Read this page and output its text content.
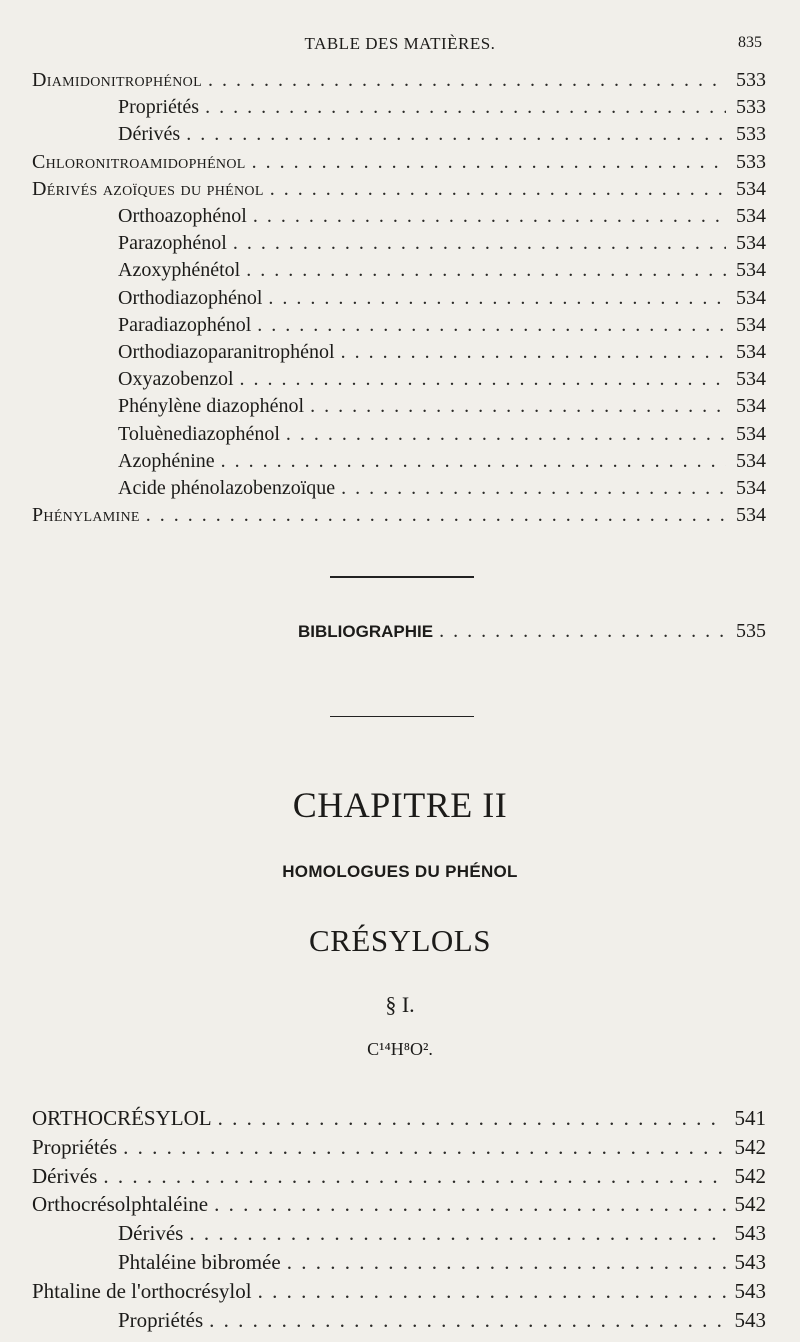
TABLE DES MATIÈRES.	835
Diamidonitrophénol . . .	533
Propriétés . . .	533
Dérivés . . .	533
Chloronitroamidophénol . . .	533
Dérivés azoïques du phénol . . .	534
Orthoazophénol . . .	534
Parazophénol . . .	534
Azoxyphénétol . . .	534
Orthodiazophénol . . .	534
Paradiazophénol . . .	534
Orthodiazoparanitrophénol . . .	534
Oxyazobenzol . . .	534
Phénylène diazophénol . . .	534
Toluènediazophénol . . .	534
Azophénine . . .	534
Acide phénolazobenzoïque . . .	534
Phénylamine . . .	534
BIBLIOGRAPHIE . . .	535
CHAPITRE II
HOMOLOGUES DU PHÉNOL
CRÉSYLOLS
§ I.
C¹⁴H⁸O².
ORTHOCRÉSYLOL . . .	541
Propriétés . . .	542
Dérivés . . .	542
Orthocrésolphtaléine . . .	542
Dérivés . . .	543
Phtaléine bibromée . . .	543
Phtaline de l'orthocrésylol . . .	543
Propriétés . . .	543
